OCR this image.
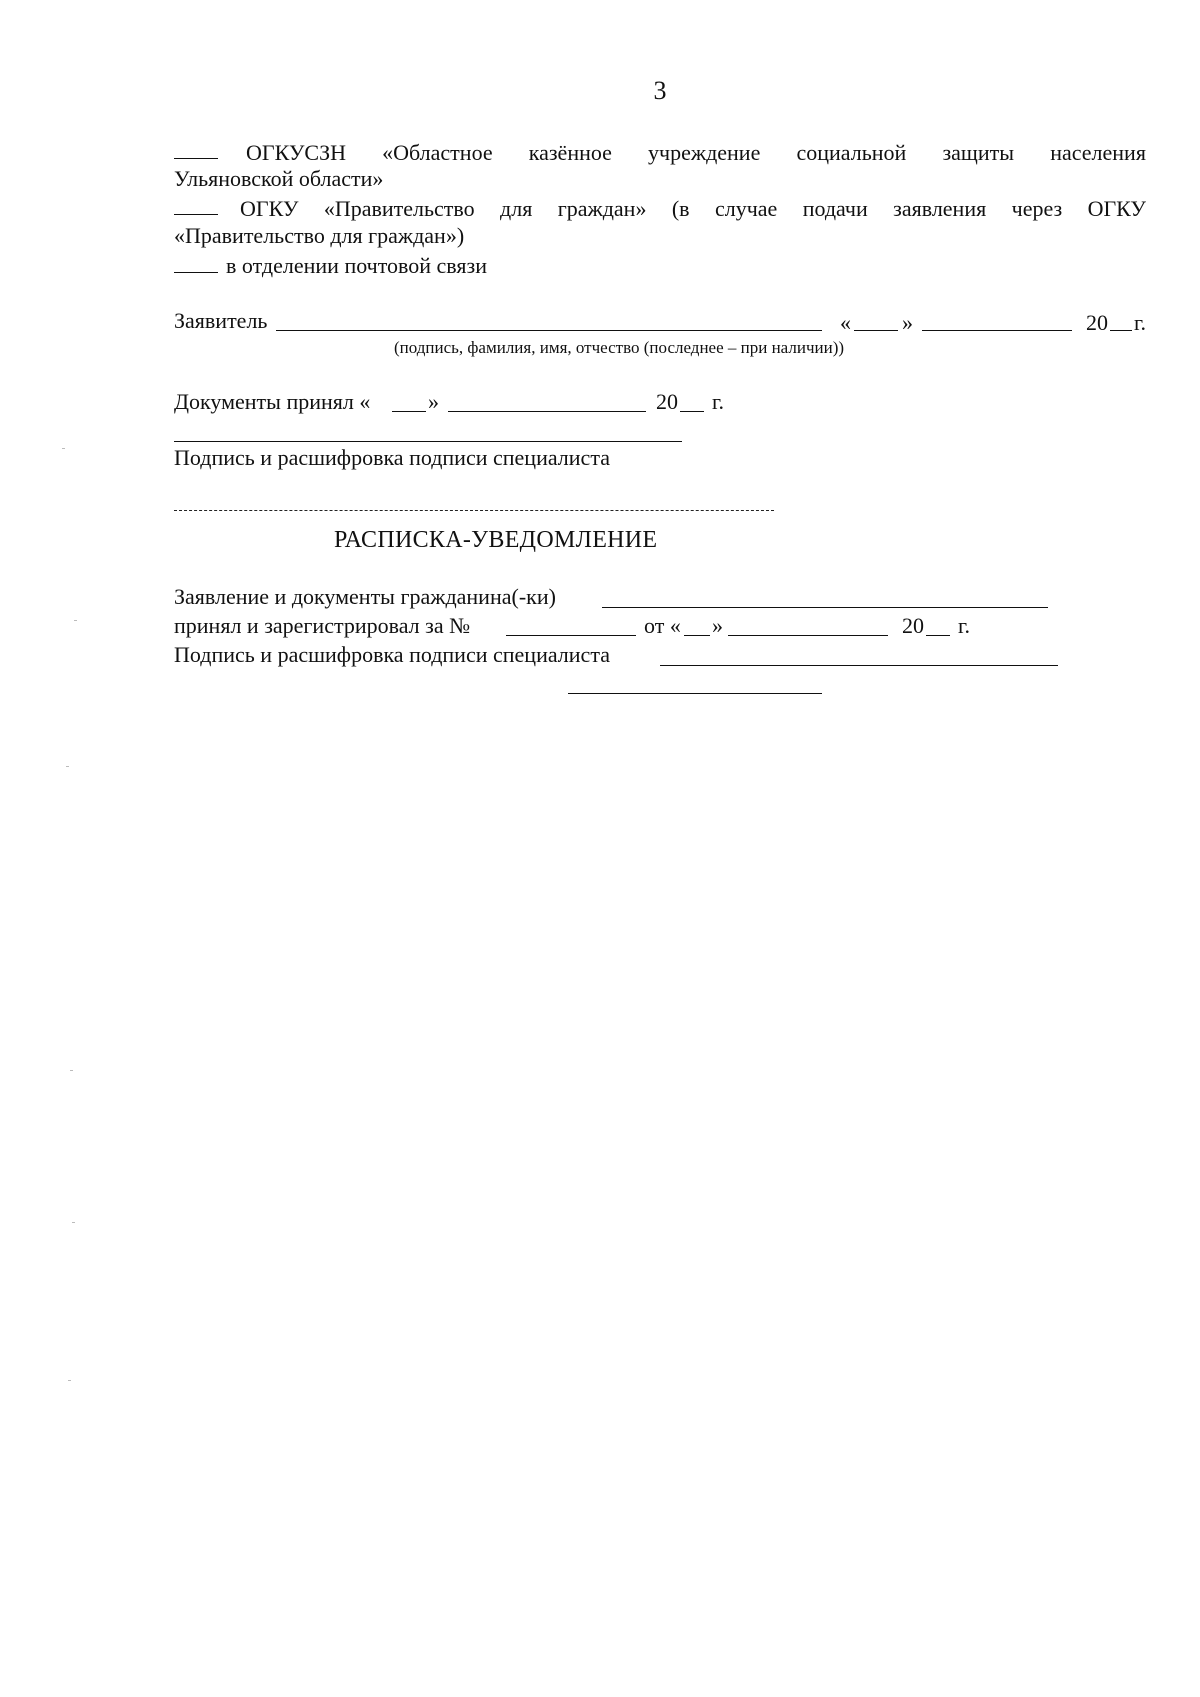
3
ОГКУСЗН «Областное казённое учреждение социальной защиты населения
Ульяновской области»
ОГКУ «Правительство для граждан» (в случае подачи заявления через ОГКУ
«Правительство для граждан»)
в отделении почтовой связи
Заявитель	« »	20 г.
(подпись, фамилия, имя, отчество (последнее – при наличии))
Документы принял «	»	20 г.
Подпись и расшифровка подписи специалиста
РАСПИСКА-УВЕДОМЛЕНИЕ
Заявление и документы гражданина(-ки)
принял и зарегистрировал за №	от « »	20 г.
Подпись и расшифровка подписи специалиста
